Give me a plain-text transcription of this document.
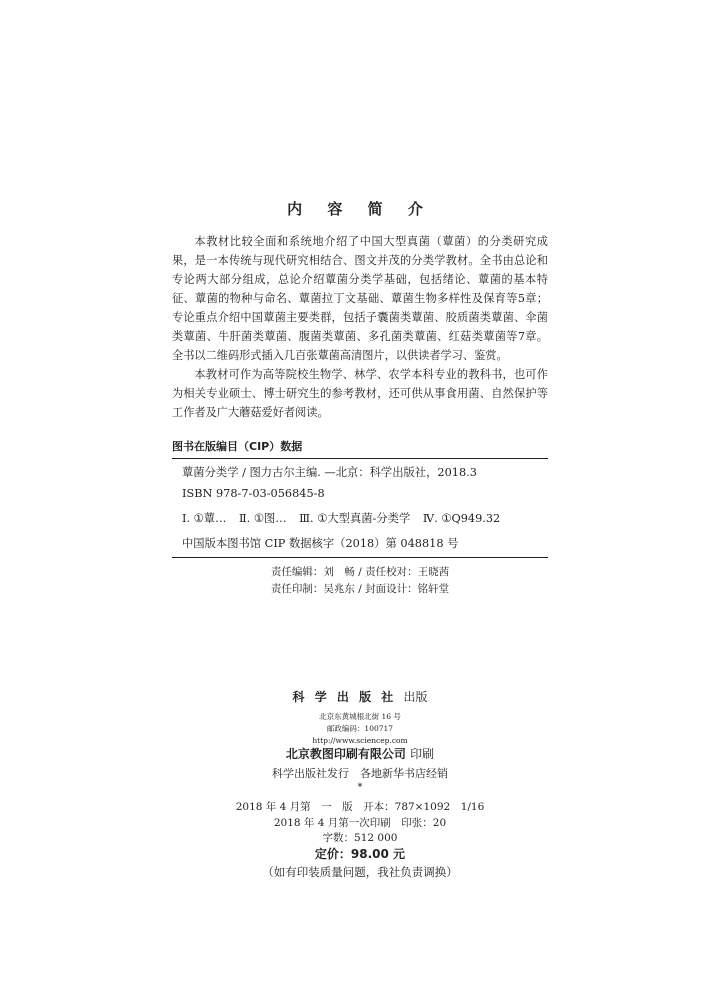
内 容 简 介

本教材比较全面和系统地介绍了中国大型真菌（蕈菌）的分类研究成果，是一本传统与现代研究相结合、图文并茂的分类学教材。全书由总论和专论两大部分组成，总论介绍蕈菌分类学基础，包括绪论、蕈菌的基本特征、蕈菌的物种与命名、蕈菌拉丁文基础、蕈菌生物多样性及保育等5章；专论重点介绍中国蕈菌主要类群，包括子囊菌类蕈菌、胶质菌类蕈菌、伞菌类蕈菌、牛肝菌类蕈菌、腹菌类蕈菌、多孔菌类蕈菌、红菇类蕈菌等7章。全书以二维码形式插入几百张蕈菌高清图片，以供读者学习、鉴赏。

本教材可作为高等院校生物学、林学、农学本科专业的教科书，也可作为相关专业硕士、博士研究生的参考教材，还可供从事食用菌、自然保护等工作者及广大蘑菇爱好者阅读。

图书在版编目（CIP）数据
蕈菌分类学 / 图力古尔主编. —北京：科学出版社，2018.3
ISBN 978-7-03-056845-8
Ⅰ. ①蕈… Ⅱ. ①图… Ⅲ. ①大型真菌-分类学 Ⅳ. ①Q949.32
中国版本图书馆 CIP 数据核字（2018）第 048818 号
责任编辑：刘　畅 / 责任校对：王晓茜
责任印制：吴兆东 / 封面设计：铭轩堂
科 学 出 版 社 出版
北京东黄城根北街 16 号
邮政编码：100717
http://www.sciencep.com
北京教图印刷有限公司 印刷
科学出版社发行　各地新华书店经销
*
2018 年 4 月第　一　版　开本：787×1092　1/16
2018 年 4 月第一次印刷　印张：20
字数：512 000
定价：98.00 元
（如有印装质量问题，我社负责调换）
